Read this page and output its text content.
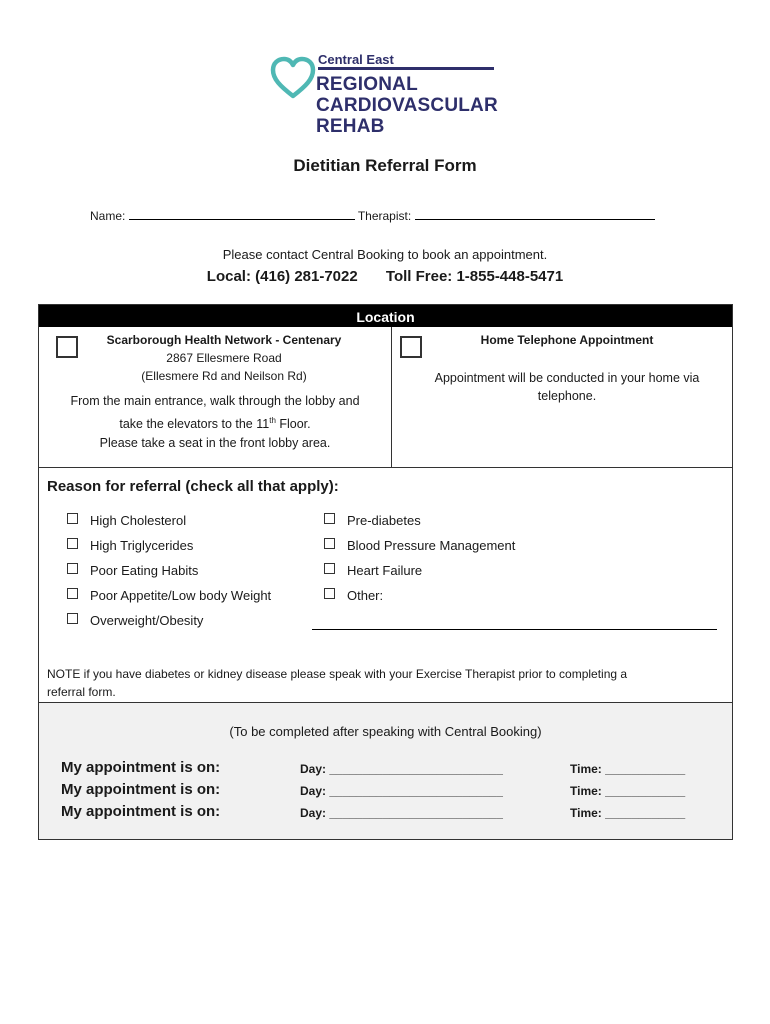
Central East
REGIONAL
CARDIOVASCULAR
REHAB
Dietitian Referral Form
Name:	Therapist:
Please contact Central Booking to book an appointment.
Local: (416) 281-7022 Toll Free: 1-855-448-5471
Location
Scarborough Health Network - Centenary
2867 Ellesmere Road
(Ellesmere Rd and Neilson Rd)
From the main entrance, walk through the lobby and
take the elevators to the 11th Floor.
Please take a seat in the front lobby area.
Home Telephone Appointment
Appointment will be conducted in your home via
telephone.
Reason for referral (check all that apply):
High Cholesterol
High Triglycerides
Poor Eating Habits
Poor Appetite/Low body Weight
Overweight/Obesity
Pre-diabetes
Blood Pressure Management
Heart Failure
Other:
NOTE if you have diabetes or kidney disease please speak with your Exercise Therapist prior to completing a
referral form.
(To be completed after speaking with Central Booking)
My appointment is on:	Day: __________________________	Time: ____________
My appointment is on:	Day: __________________________	Time: ____________
My appointment is on:	Day: __________________________	Time: ____________
